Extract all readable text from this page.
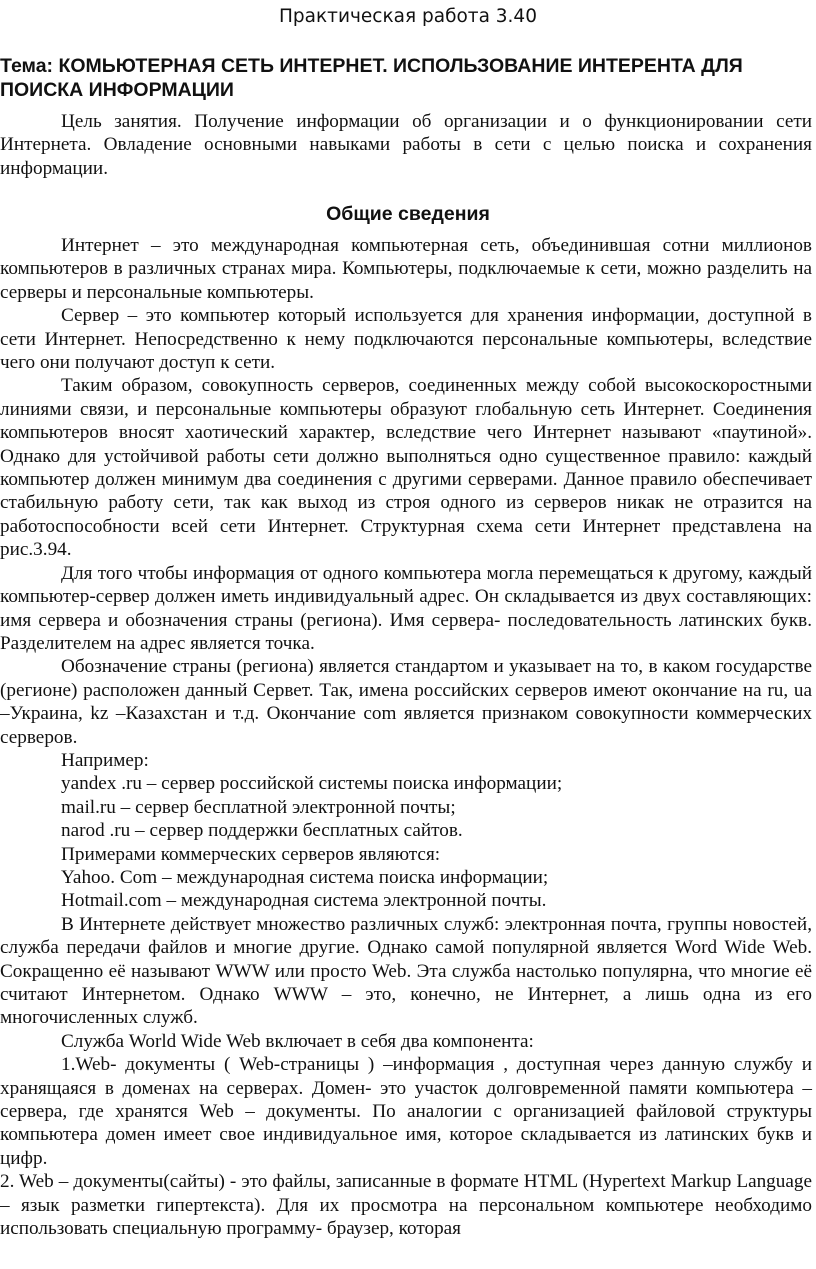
Практическая работа 3.40
Тема: КОМЬЮТЕРНАЯ СЕТЬ ИНТЕРНЕТ. ИСПОЛЬЗОВАНИЕ ИНТЕРЕНТА ДЛЯ ПОИСКА ИНФОРМАЦИИ

Цель занятия. Получение информации об организации и о функционировании сети Интернета. Овладение основными навыками работы в сети с целью поиска и сохранения информации.

Общие сведения

Интернет – это международная компьютерная сеть, объединившая сотни миллионов компьютеров в различных странах мира. Компьютеры, подключаемые к сети, можно разделить на серверы и персональные компьютеры.

Сервер – это компьютер который используется для хранения информации, доступной в сети Интернет. Непосредственно к нему подключаются персональные компьютеры, вследствие чего они получают доступ к сети.

Таким образом, совокупность серверов, соединенных между собой высокоскоростными линиями связи, и персональные компьютеры образуют глобальную сеть Интернет. Соединения компьютеров вносят хаотический характер, вследствие чего Интернет называют «паутиной». Однако для устойчивой работы сети должно выполняться одно существенное правило: каждый компьютер должен минимум два соединения с другими серверами. Данное правило обеспечивает стабильную работу сети, так как выход из строя одного из серверов никак не отразится на работоспособности всей сети Интернет. Структурная схема сети Интернет представлена на рис.3.94.

Для того чтобы информация от одного компьютера могла перемещаться к другому, каждый компьютер-сервер должен иметь индивидуальный адрес. Он складывается из двух составляющих: имя сервера и обозначения страны (региона). Имя сервера- последовательность латинских букв. Разделителем на адрес является точка.

Обозначение страны (региона) является стандартом и указывает на то, в каком государстве (регионе) расположен данный Сервет. Так, имена российских серверов имеют окончание на ru, ua –Украина, kz –Казахстан и т.д. Окончание com является признаком совокупности коммерческих серверов.

Например:

yandex .ru – сервер российской системы поиска информации;

mail.ru – сервер бесплатной электронной почты;

narod .ru – сервер поддержки бесплатных сайтов.

Примерами коммерческих серверов являются:

Yahoo. Com – международная система поиска информации;

Hotmail.com – международная система электронной почты.

В Интернете действует множество различных служб: электронная почта, группы новостей, служба передачи файлов и многие другие. Однако самой популярной является Word Wide Web. Сокращенно её называют WWW или просто Web. Эта служба настолько популярна, что многие её считают Интернетом. Однако WWW – это, конечно, не Интернет, а лишь одна из его многочисленных служб.

Служба World Wide Web включает в себя два компонента:

1.Web- документы ( Web-страницы ) –информация , доступная через данную службу и хранящаяся в доменах на серверах. Домен- это участок долговременной памяти компьютера – сервера, где хранятся Web – документы. По аналогии с организацией файловой структуры компьютера домен имеет свое индивидуальное имя, которое складывается из латинских букв и цифр.

2. Web – документы(сайты) - это файлы, записанные в формате HTML (Hypertext Markup Language – язык разметки гипертекста). Для их просмотра на персональном компьютере необходимо использовать специальную программу- браузер, которая
